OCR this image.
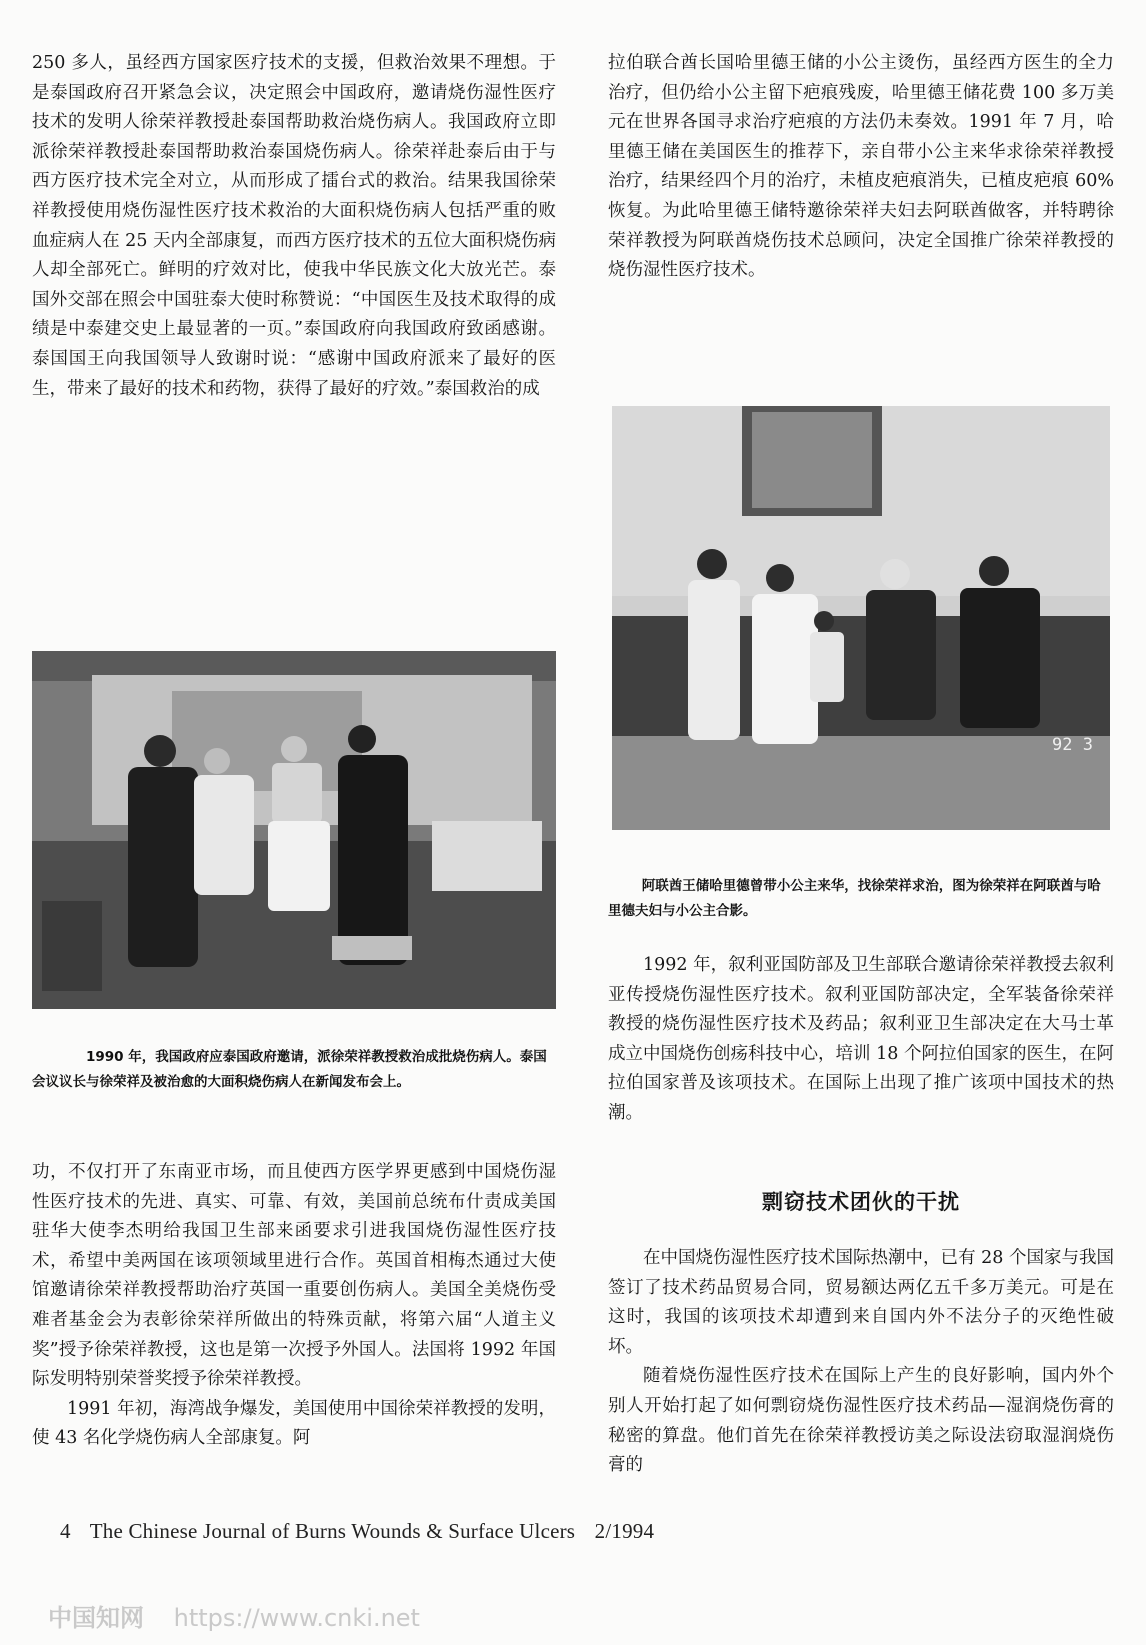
250 多人，虽经西方国家医疗技术的支援，但救治效果不理想。于是泰国政府召开紧急会议，决定照会中国政府，邀请烧伤湿性医疗技术的发明人徐荣祥教授赴泰国帮助救治烧伤病人。我国政府立即派徐荣祥教授赴泰国帮助救治泰国烧伤病人。徐荣祥赴泰后由于与西方医疗技术完全对立，从而形成了擂台式的救治。结果我国徐荣祥教授使用烧伤湿性医疗技术救治的大面积烧伤病人包括严重的败血症病人在 25 天内全部康复，而西方医疗技术的五位大面积烧伤病人却全部死亡。鲜明的疗效对比，使我中华民族文化大放光芒。泰国外交部在照会中国驻泰大使时称赞说：“中国医生及技术取得的成绩是中泰建交史上最显著的一页。”泰国政府向我国政府致函感谢。泰国国王向我国领导人致谢时说：“感谢中国政府派来了最好的医生，带来了最好的技术和药物，获得了最好的疗效。”泰国救治的成

1990 年，我国政府应泰国政府邀请，派徐荣祥教授救治成批烧伤病人。泰国会议议长与徐荣祥及被治愈的大面积烧伤病人在新闻发布会上。

功，不仅打开了东南亚市场，而且使西方医学界更感到中国烧伤湿性医疗技术的先进、真实、可靠、有效，美国前总统布什责成美国驻华大使李杰明给我国卫生部来函要求引进我国烧伤湿性医疗技术，希望中美两国在该项领域里进行合作。英国首相梅杰通过大使馆邀请徐荣祥教授帮助治疗英国一重要创伤病人。美国全美烧伤受难者基金会为表彰徐荣祥所做出的特殊贡献，将第六届“人道主义奖”授予徐荣祥教授，这也是第一次授予外国人。法国将 1992 年国际发明特别荣誉奖授予徐荣祥教授。

1991 年初，海湾战争爆发，美国使用中国徐荣祥教授的发明，使 43 名化学烧伤病人全部康复。阿

拉伯联合酋长国哈里德王储的小公主烫伤，虽经西方医生的全力治疗，但仍给小公主留下疤痕残废，哈里德王储花费 100 多万美元在世界各国寻求治疗疤痕的方法仍未奏效。1991 年 7 月，哈里德王储在美国医生的推荐下，亲自带小公主来华求徐荣祥教授治疗，结果经四个月的治疗，未植皮疤痕消失，已植皮疤痕 60% 恢复。为此哈里德王储特邀徐荣祥夫妇去阿联酋做客，并特聘徐荣祥教授为阿联酋烧伤技术总顾问，决定全国推广徐荣祥教授的烧伤湿性医疗技术。

92 3
阿联酋王储哈里德曾带小公主来华，找徐荣祥求治，图为徐荣祥在阿联酋与哈里德夫妇与小公主合影。

1992 年，叙利亚国防部及卫生部联合邀请徐荣祥教授去叙利亚传授烧伤湿性医疗技术。叙利亚国防部决定，全军装备徐荣祥教授的烧伤湿性医疗技术及药品；叙利亚卫生部决定在大马士革成立中国烧伤创疡科技中心，培训 18 个阿拉伯国家的医生，在阿拉伯国家普及该项技术。在国际上出现了推广该项中国技术的热潮。

剽窃技术团伙的干扰

在中国烧伤湿性医疗技术国际热潮中，已有 28 个国家与我国签订了技术药品贸易合同，贸易额达两亿五千多万美元。可是在这时，我国的该项技术却遭到来自国内外不法分子的灭绝性破坏。

随着烧伤湿性医疗技术在国际上产生的良好影响，国内外个别人开始打起了如何剽窃烧伤湿性医疗技术药品—湿润烧伤膏的秘密的算盘。他们首先在徐荣祥教授访美之际设法窃取湿润烧伤膏的

4 The Chinese Journal of Burns Wounds & Surface Ulcers 2/1994
中国知网 https://www.cnki.net
